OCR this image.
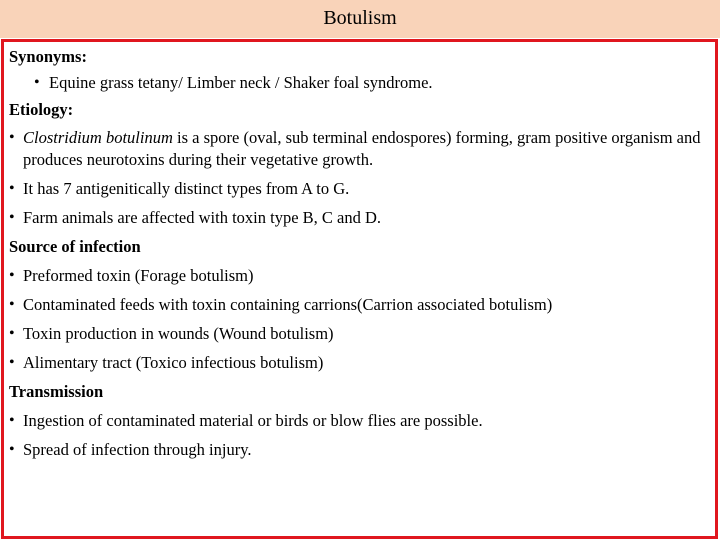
Botulism
Synonyms:
• Equine grass tetany/ Limber neck / Shaker foal syndrome.
Etiology:
• Clostridium botulinum is a spore (oval, sub terminal endospores) forming, gram positive organism and produces neurotoxins during their vegetative growth.
• It has 7 antigenitically distinct types from A to G.
• Farm animals are affected with toxin type B, C and D.
Source of infection
• Preformed toxin (Forage botulism)
• Contaminated feeds with toxin containing carrions(Carrion associated botulism)
• Toxin production in wounds (Wound botulism)
• Alimentary tract (Toxico infectious botulism)
Transmission
• Ingestion of contaminated material or birds or blow flies are possible.
• Spread of infection through injury.
